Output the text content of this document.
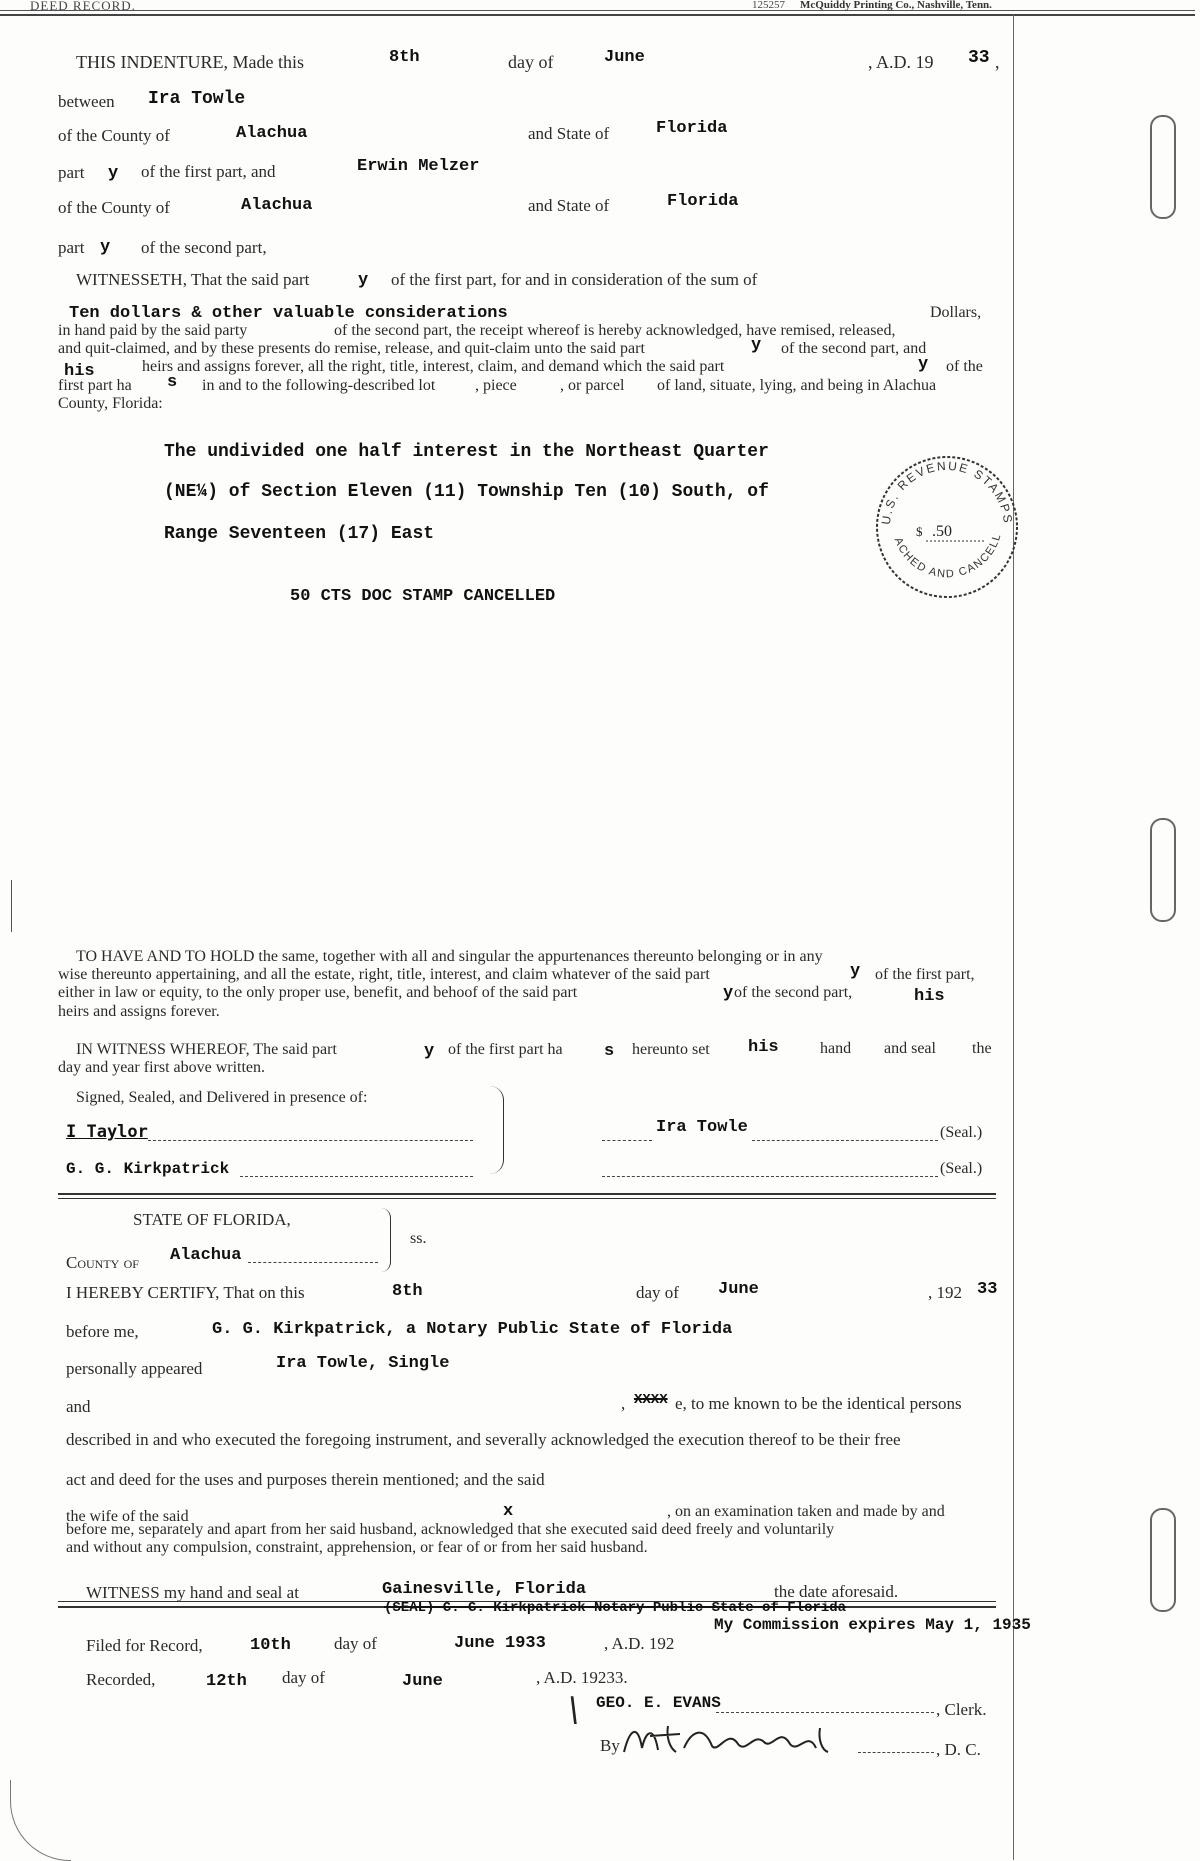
DEED RECORD.	125257 McQuiddy Printing Co., Nashville, Tenn.
THIS INDENTURE, Made this	8th	day of	June	, A.D. 19 33 ,
between Ira Towle
of the County of	Alachua	and State of	Florida
part y of the first part, and	Erwin Melzer
of the County of	Alachua	and State of	Florida
part y of the second part,
WITNESSETH, That the said part	y of the first part, for and in consideration of the sum of
Ten dollars & other valuable considerations	Dollars,
in hand paid by the said party	of the second part, the receipt whereof is hereby acknowledged, have remised, released,
and quit-claimed, and by these presents do remise, release, and quit-claim unto the said part	y of the second part, and
his	heirs and assigns forever, all the right, title, interest, claim, and demand which the said part	y of the
first part ha s in and to the following-described lot , piece	, or parcel of land, situate, lying, and being in Alachua
County, Florida:
The undivided one half interest in the Northeast Quarter
(NE¼) of Section Eleven (11) Township Ten (10) South, of
Range Seventeen (17) East
50 CTS DOC STAMP CANCELLED
U.S. REVENUE STAMPS
ACHED AND CANCELL
$ .50
TO HAVE AND TO HOLD the same, together with all and singular the appurtenances thereunto belonging or in any
wise thereunto appertaining, and all the estate, right, title, interest, and claim whatever of the said part	y of the first part,
either in law or equity, to the only proper use, benefit, and behoof of the said part	y of the second part,	his
heirs and assigns forever.
IN WITNESS WHEREOF, The said part	y of the first part ha s hereunto set his	hand and seal the
day and year first above written.
Signed, Sealed, and Delivered in presence of:
I Taylor
G. G. Kirkpatrick
Ira Towle	(Seal.)
(Seal.)
STATE OF FLORIDA,
ss.
County of Alachua
I HEREBY CERTIFY, That on this	8th	day of June	, 192 33
before me,	G. G. Kirkpatrick, a Notary Public State of Florida
personally appeared	Ira Towle, Single
and	, XXXX e, to me known to be the identical persons
described in and who executed the foregoing instrument, and severally acknowledged the execution thereof to be their free
act and deed for the uses and purposes therein mentioned; and the said
the wife of the said	x	, on an examination taken and made by and
before me, separately and apart from her said husband, acknowledged that she executed said deed freely and voluntarily
and without any compulsion, constraint, apprehension, or fear of or from her said husband.
WITNESS my hand and seal at	Gainesville, Florida	the date aforesaid.
(SEAL) G. G. Kirkpatrick Notary Public State of Florida
My Commission expires May 1, 1935
Filed for Record,	10th	day of	June 1933	, A.D. 192
Recorded,	12th day of	June	, A.D. 19233.
\ GEO. E. EVANS	, Clerk.
By	, D. C.
